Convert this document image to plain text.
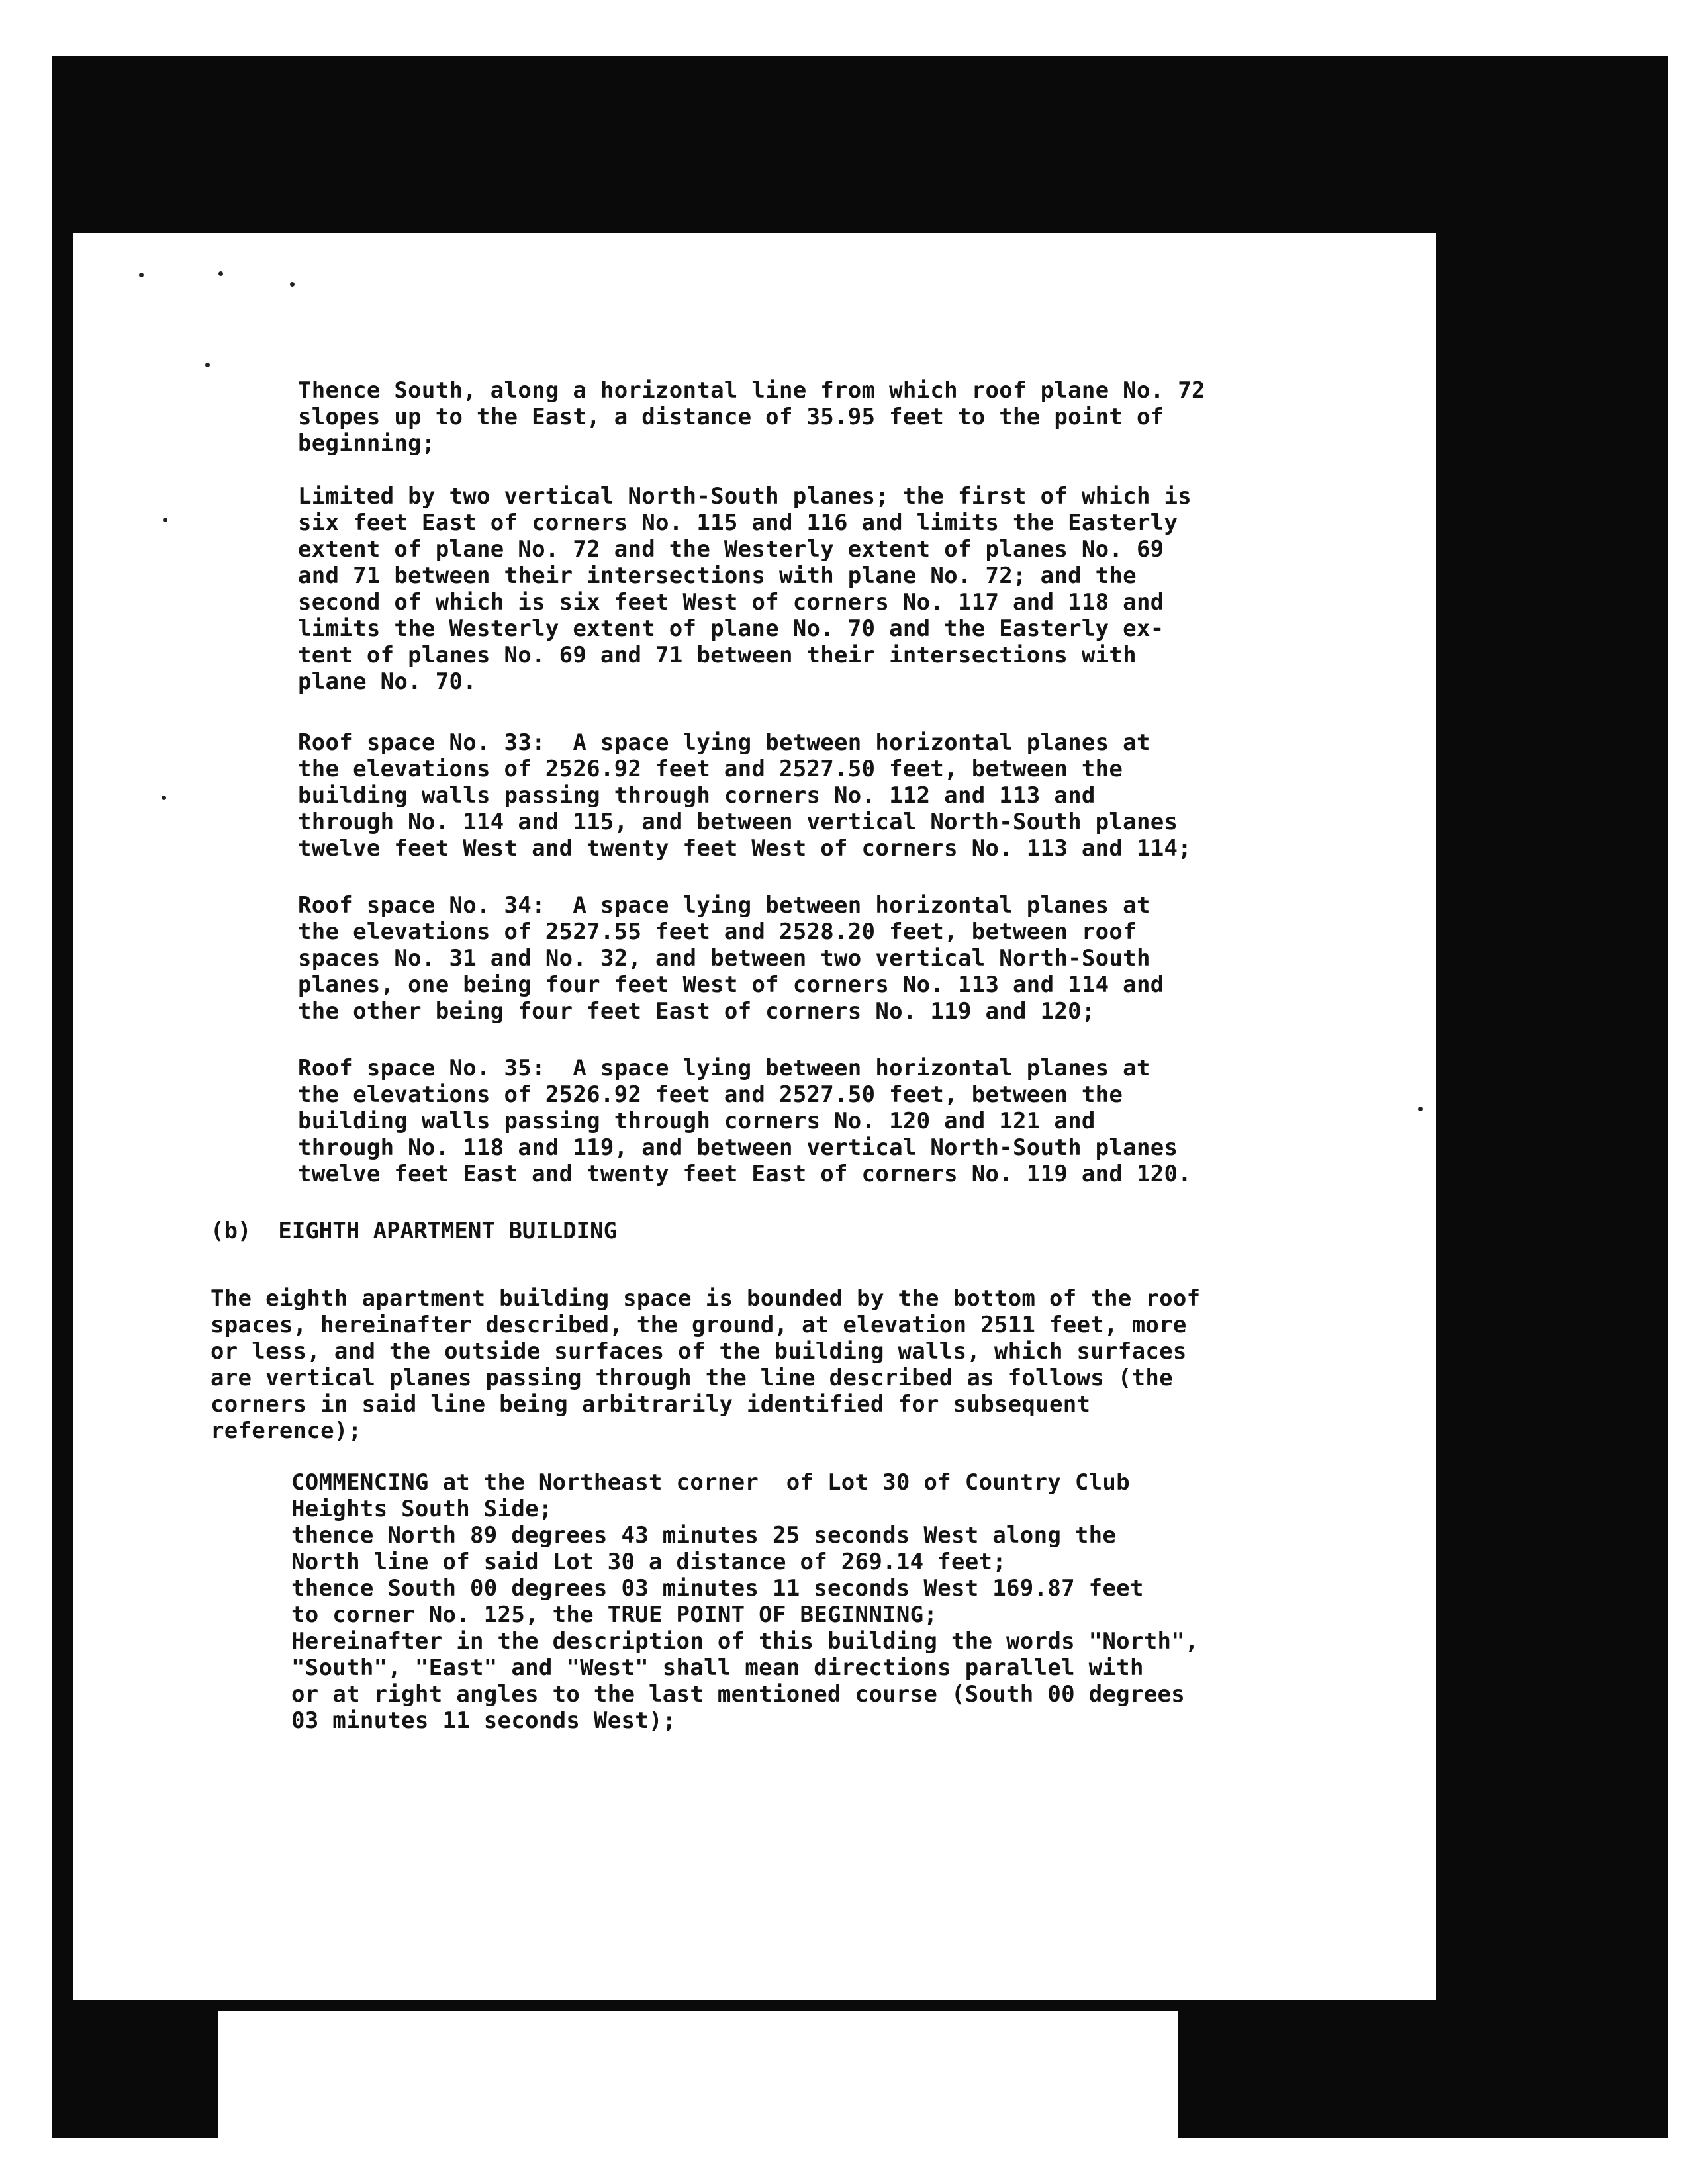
Thence South, along a horizontal line from which roof plane No. 72
slopes up to the East, a distance of 35.95 feet to the point of
beginning;

Limited by two vertical North-South planes; the first of which is
six feet East of corners No. 115 and 116 and limits the Easterly
extent of plane No. 72 and the Westerly extent of planes No. 69
and 71 between their intersections with plane No. 72; and the
second of which is six feet West of corners No. 117 and 118 and
limits the Westerly extent of plane No. 70 and the Easterly ex-
tent of planes No. 69 and 71 between their intersections with
plane No. 70.

Roof space No. 33:  A space lying between horizontal planes at
the elevations of 2526.92 feet and 2527.50 feet, between the
building walls passing through corners No. 112 and 113 and
through No. 114 and 115, and between vertical North-South planes
twelve feet West and twenty feet West of corners No. 113 and 114;

Roof space No. 34:  A space lying between horizontal planes at
the elevations of 2527.55 feet and 2528.20 feet, between roof
spaces No. 31 and No. 32, and between two vertical North-South
planes, one being four feet West of corners No. 113 and 114 and
the other being four feet East of corners No. 119 and 120;

Roof space No. 35:  A space lying between horizontal planes at
the elevations of 2526.92 feet and 2527.50 feet, between the
building walls passing through corners No. 120 and 121 and
through No. 118 and 119, and between vertical North-South planes
twelve feet East and twenty feet East of corners No. 119 and 120.

(b)  EIGHTH APARTMENT BUILDING

The eighth apartment building space is bounded by the bottom of the roof
spaces, hereinafter described, the ground, at elevation 2511 feet, more
or less, and the outside surfaces of the building walls, which surfaces
are vertical planes passing through the line described as follows (the
corners in said line being arbitrarily identified for subsequent
reference);

COMMENCING at the Northeast corner  of Lot 30 of Country Club
Heights South Side;
thence North 89 degrees 43 minutes 25 seconds West along the
North line of said Lot 30 a distance of 269.14 feet;
thence South 00 degrees 03 minutes 11 seconds West 169.87 feet
to corner No. 125, the TRUE POINT OF BEGINNING;
Hereinafter in the description of this building the words "North",
"South", "East" and "West" shall mean directions parallel with
or at right angles to the last mentioned course (South 00 degrees
03 minutes 11 seconds West);
